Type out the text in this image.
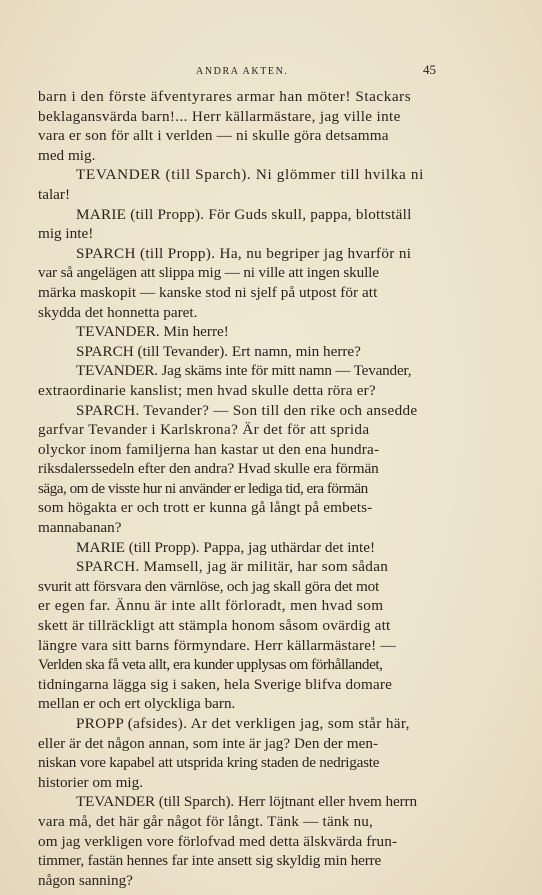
ANDRA AKTEN.	45
barn i den förste äfventyrares armar han möter! Stackars
beklagansvärda barn!... Herr källarmästare, jag ville inte
vara er son för allt i verlden — ni skulle göra detsamma
med mig.
TEVANDER (till Sparch). Ni glömmer till hvilka ni
talar!
MARIE (till Propp). För Guds skull, pappa, blottställ
mig inte!
SPARCH (till Propp). Ha, nu begriper jag hvarför ni
var så angelägen att slippa mig — ni ville att ingen skulle
märka maskopit — kanske stod ni sjelf på utpost för att
skydda det honnetta paret.
TEVANDER. Min herre!
SPARCH (till Tevander). Ert namn, min herre?
TEVANDER. Jag skäms inte för mitt namn — Tevander,
extraordinarie kanslist; men hvad skulle detta röra er?
SPARCH. Tevander? — Son till den rike och ansedde
garfvar Tevander i Karlskrona? Är det för att sprida
olyckor inom familjerna han kastar ut den ena hundra-
riksdalerssedeln efter den andra? Hvad skulle era förmän
säga, om de visste hur ni använder er lediga tid, era förmän
som högakta er och trott er kunna gå långt på embets-
mannabanan?
MARIE (till Propp). Pappa, jag uthärdar det inte!
SPARCH. Mamsell, jag är militär, har som sådan
svurit att försvara den värnlöse, och jag skall göra det mot
er egen far. Ännu är inte allt förloradt, men hvad som
skett är tillräckligt att stämpla honom såsom ovärdig att
längre vara sitt barns förmyndare. Herr källarmästare! —
Verlden ska få veta allt, era kunder upplysas om förhållandet,
tidningarna lägga sig i saken, hela Sverige blifva domare
mellan er och ert olyckliga barn.
PROPP (afsides). Ar det verkligen jag, som står här,
eller är det någon annan, som inte är jag? Den der men-
niskan vore kapabel att utsprida kring staden de nedrigaste
historier om mig.
TEVANDER (till Sparch). Herr löjtnant eller hvem herrn
vara må, det här går något för långt. Tänk — tänk nu,
om jag verkligen vore förlofvad med detta älskvärda frun-
timmer, fastän hennes far inte ansett sig skyldig min herre
någon sanning?
